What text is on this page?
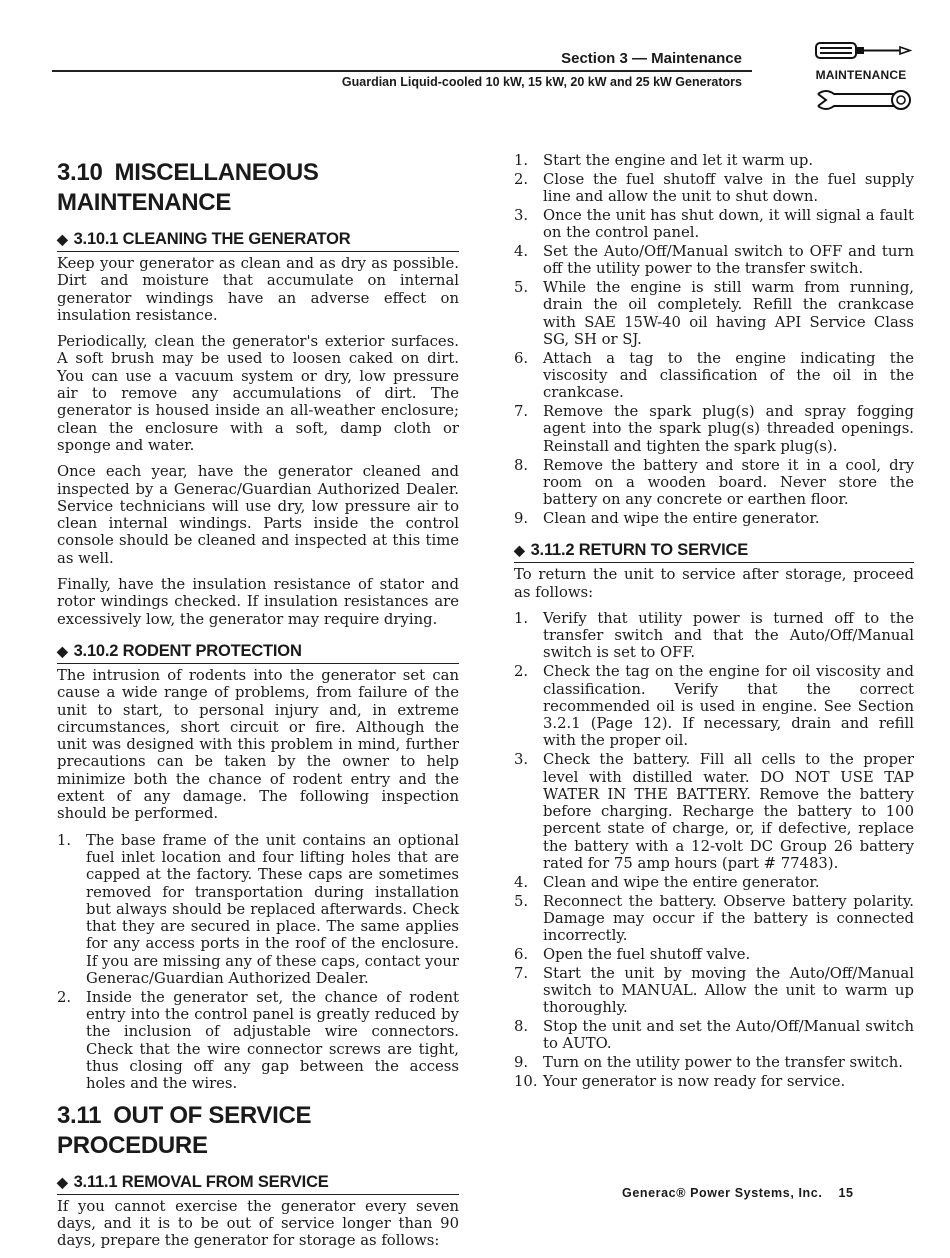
Section 3 — Maintenance
Guardian Liquid-cooled 10 kW, 15 kW, 20 kW and 25 kW Generators	MAINTENANCE
3.10 MISCELLANEOUS MAINTENANCE
◆ 3.10.1 CLEANING THE GENERATOR

Keep your generator as clean and as dry as possible. Dirt and moisture that accumulate on internal generator windings have an adverse effect on insulation resistance.

Periodically, clean the generator's exterior surfaces. A soft brush may be used to loosen caked on dirt. You can use a vacuum system or dry, low pressure air to remove any accumulations of dirt. The generator is housed inside an all-weather enclosure; clean the enclosure with a soft, damp cloth or sponge and water.

Once each year, have the generator cleaned and inspected by a Generac/Guardian Authorized Dealer. Service technicians will use dry, low pressure air to clean internal windings. Parts inside the control console should be cleaned and inspected at this time as well.

Finally, have the insulation resistance of stator and rotor windings checked. If insulation resistances are excessively low, the generator may require drying.

◆ 3.10.2 RODENT PROTECTION

The intrusion of rodents into the generator set can cause a wide range of problems, from failure of the unit to start, to personal injury and, in extreme circumstances, short circuit or fire. Although the unit was designed with this problem in mind, further precautions can be taken by the owner to help minimize both the chance of rodent entry and the extent of any damage. The following inspection should be performed.

1. The base frame of the unit contains an optional fuel inlet location and four lifting holes that are capped at the factory. These caps are sometimes removed for transportation during installation but always should be replaced afterwards. Check that they are secured in place. The same applies for any access ports in the roof of the enclosure. If you are missing any of these caps, contact your Generac/Guardian Authorized Dealer.
2. Inside the generator set, the chance of rodent entry into the control panel is greatly reduced by the inclusion of adjustable wire connectors. Check that the wire connector screws are tight, thus closing off any gap between the access holes and the wires.
3.11 OUT OF SERVICE PROCEDURE
◆ 3.11.1 REMOVAL FROM SERVICE

If you cannot exercise the generator every seven days, and it is to be out of service longer than 90 days, prepare the generator for storage as follows:

1. Start the engine and let it warm up.
2. Close the fuel shutoff valve in the fuel supply line and allow the unit to shut down.
3. Once the unit has shut down, it will signal a fault on the control panel.
4. Set the Auto/Off/Manual switch to OFF and turn off the utility power to the transfer switch.
5. While the engine is still warm from running, drain the oil completely. Refill the crankcase with SAE 15W-40 oil having API Service Class SG, SH or SJ.
6. Attach a tag to the engine indicating the viscosity and classification of the oil in the crankcase.
7. Remove the spark plug(s) and spray fogging agent into the spark plug(s) threaded openings. Reinstall and tighten the spark plug(s).
8. Remove the battery and store it in a cool, dry room on a wooden board. Never store the battery on any concrete or earthen floor.
9. Clean and wipe the entire generator.
◆ 3.11.2 RETURN TO SERVICE

To return the unit to service after storage, proceed as follows:

1. Verify that utility power is turned off to the transfer switch and that the Auto/Off/Manual switch is set to OFF.
2. Check the tag on the engine for oil viscosity and classification. Verify that the correct recommended oil is used in engine. See Section 3.2.1 (Page 12). If necessary, drain and refill with the proper oil.
3. Check the battery. Fill all cells to the proper level with distilled water. DO NOT USE TAP WATER IN THE BATTERY. Remove the battery before charging. Recharge the battery to 100 percent state of charge, or, if defective, replace the battery with a 12-volt DC Group 26 battery rated for 75 amp hours (part # 77483).
4. Clean and wipe the entire generator.
5. Reconnect the battery. Observe battery polarity. Damage may occur if the battery is connected incorrectly.
6. Open the fuel shutoff valve.
7. Start the unit by moving the Auto/Off/Manual switch to MANUAL. Allow the unit to warm up thoroughly.
8. Stop the unit and set the Auto/Off/Manual switch to AUTO.
9. Turn on the utility power to the transfer switch.
10. Your generator is now ready for service.
Generac® Power Systems, Inc. 15
